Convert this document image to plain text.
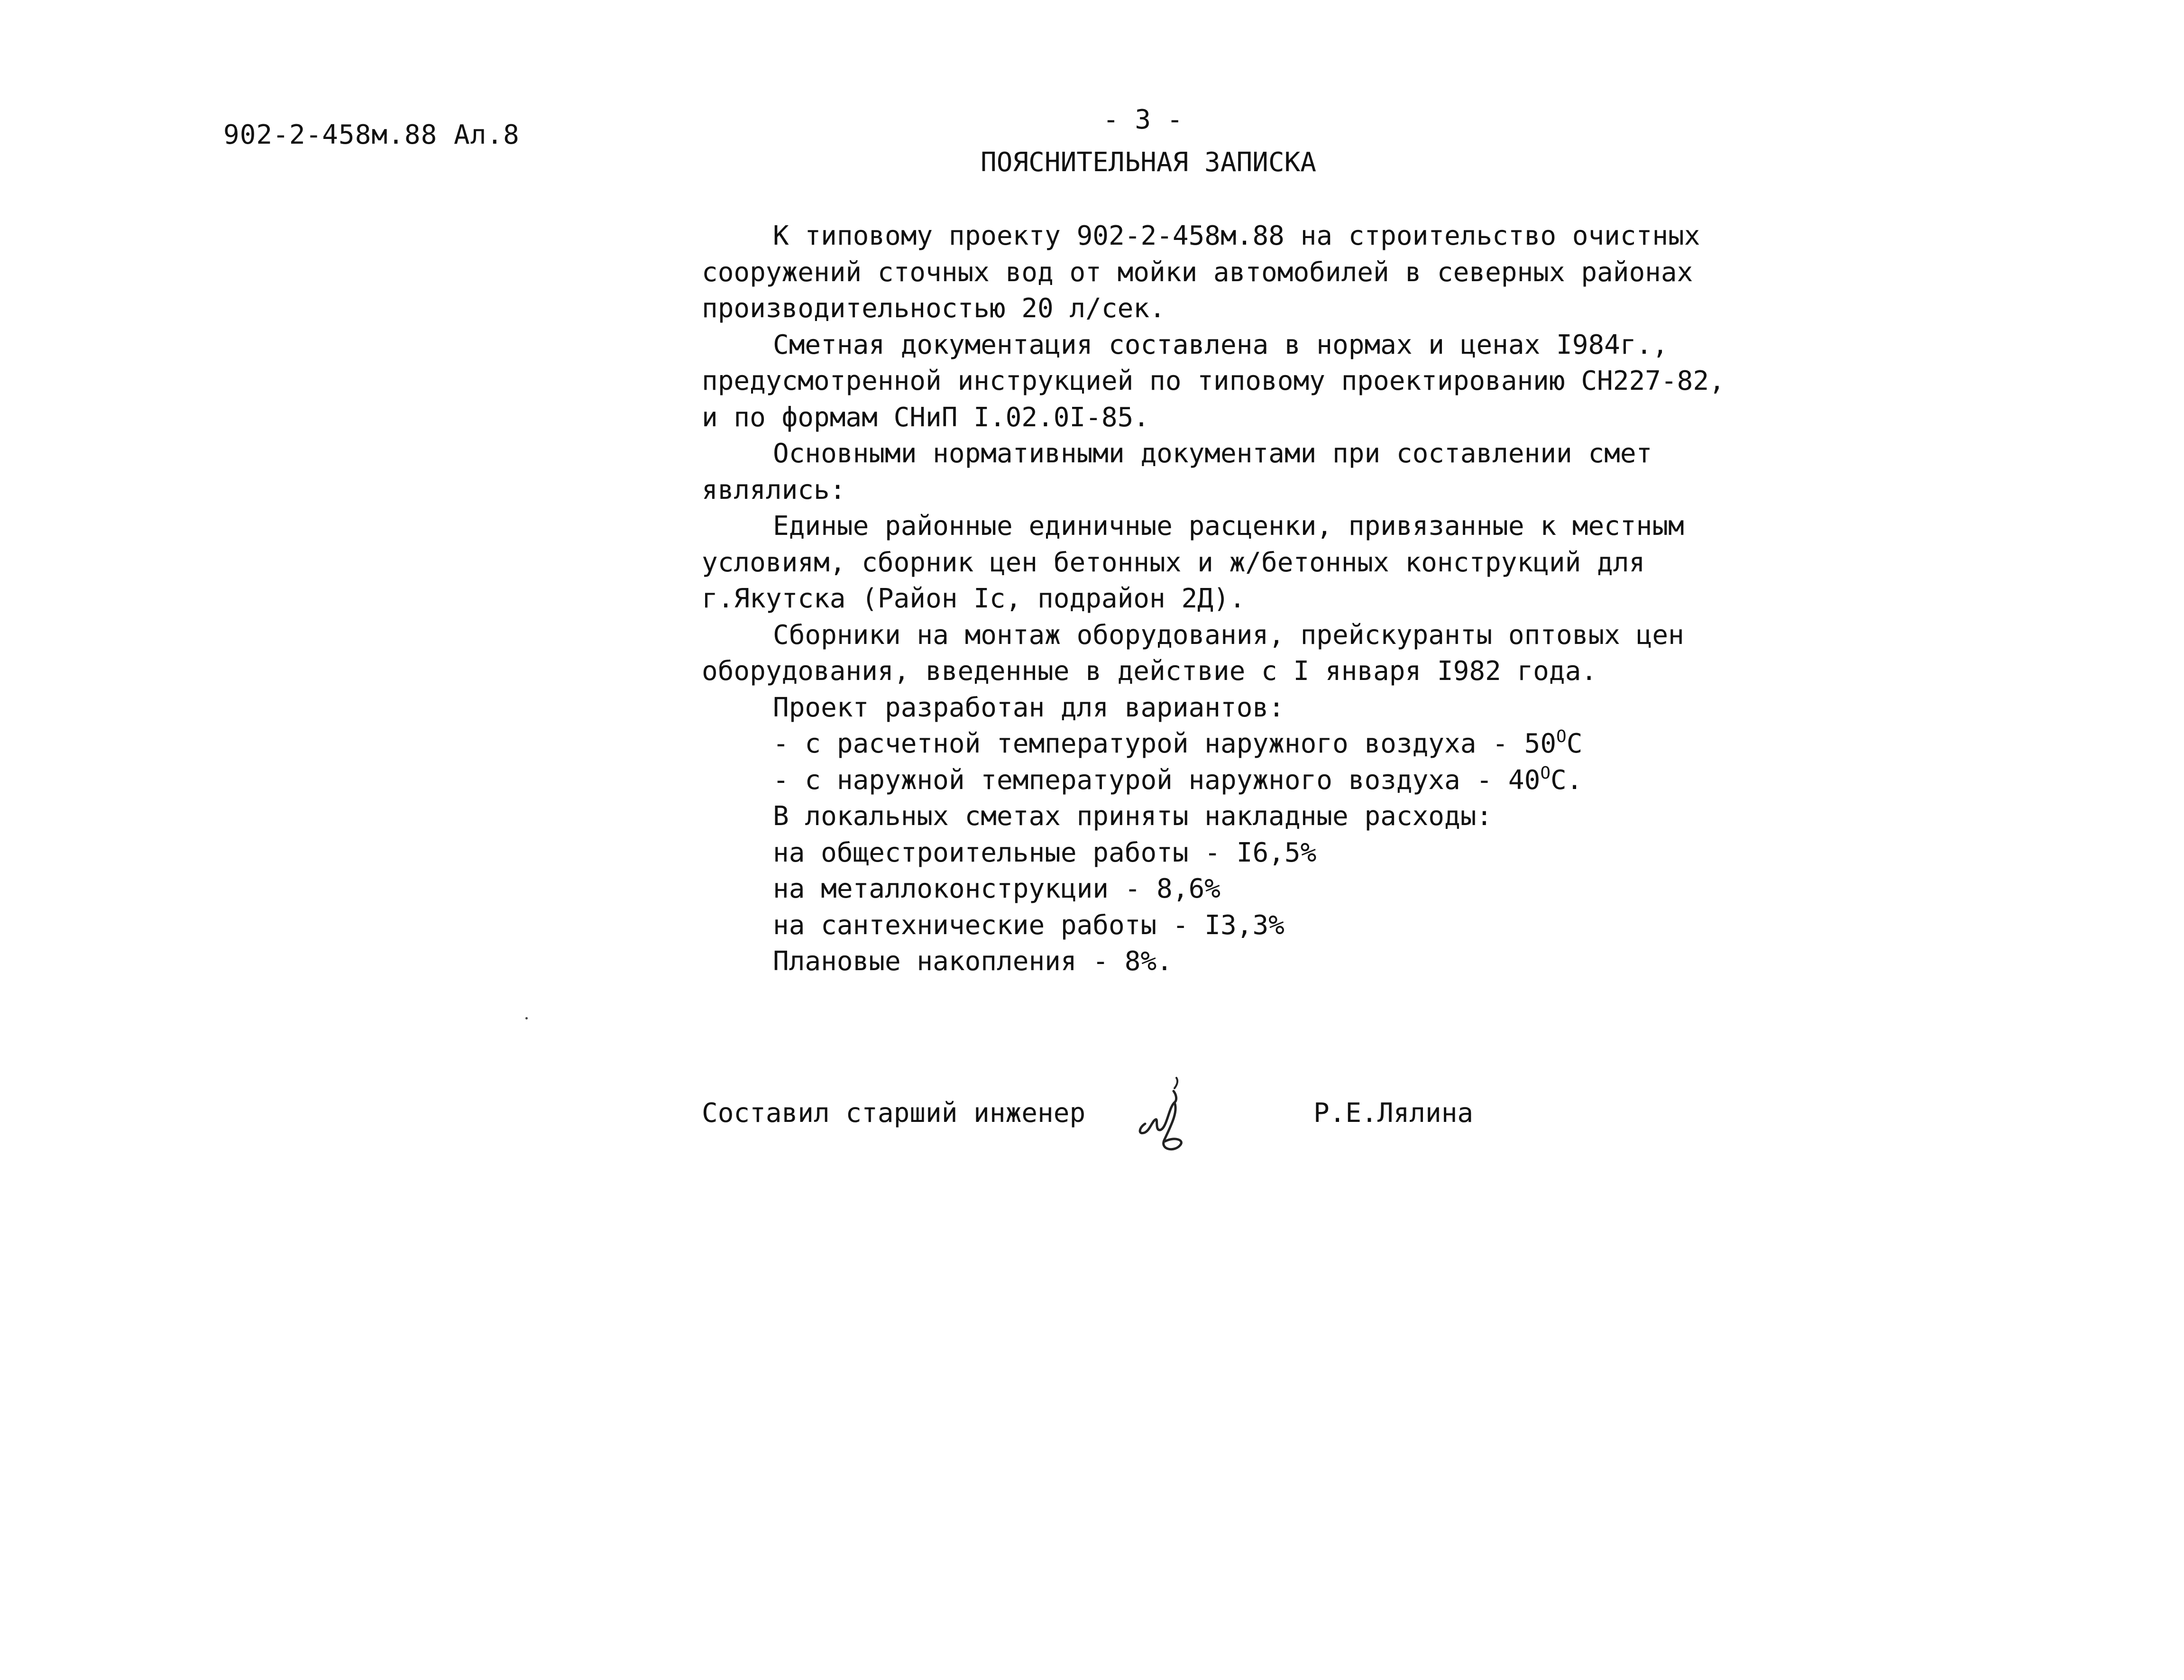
902-2-458м.88 Ал.8	- 3 -
ПОЯСНИТЕЛЬНАЯ ЗАПИСКА
К типовому проекту 902-2-458м.88 на строительство очистных
сооружений сточных вод от мойки автомобилей в северных районах
производительностью 20 л/сек.
Сметная документация составлена в нормах и ценах I984г.,
предусмотренной инструкцией по типовому проектированию СН227-82,
и по формам СНиП I.02.0I-85.
Основными нормативными документами при составлении смет
являлись:
Единые районные единичные расценки, привязанные к местным
условиям, сборник цен бетонных и ж/бетонных конструкций для
г.Якутска (Район Iс, подрайон 2Д).
Сборники на монтаж оборудования, прейскуранты оптовых цен
оборудования, введенные в действие с I января I982 года.
Проект разработан для вариантов:
- с расчетной температурой наружного воздуха - $50^OC$
- с наружной температурой наружного воздуха - $40^OC$.
В локальных сметах приняты накладные расходы:
на общестроительные работы - I6,5%
на металлоконструкции - 8,6%
на сантехнические работы - I3,3%
Плановые накопления - 8%.
Составил старший инженер	Р.Е.Лялина
